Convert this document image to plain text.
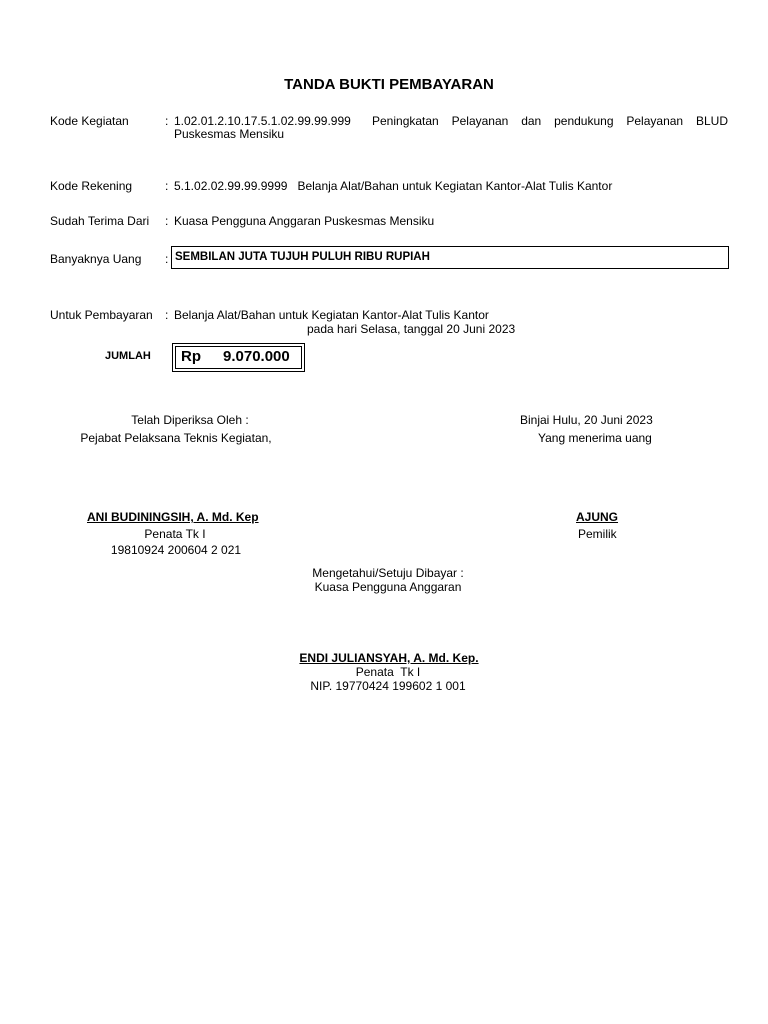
TANDA BUKTI PEMBAYARAN
Kode Kegiatan	: 1.02.01.2.10.17.5.1.02.99.99.999 Peningkatan Pelayanan dan pendukung Pelayanan BLUD
Puskesmas Mensiku
Kode Rekening	: 5.1.02.02.99.99.9999   Belanja Alat/Bahan untuk Kegiatan Kantor-Alat Tulis Kantor
Sudah Terima Dari : Kuasa Pengguna Anggaran Puskesmas Mensiku
Banyaknya Uang : SEMBILAN JUTA TUJUH PULUH RIBU RUPIAH
Untuk Pembayaran : Belanja Alat/Bahan untuk Kegiatan Kantor-Alat Tulis Kantor
pada hari Selasa, tanggal 20 Juni 2023
JUMLAH Rp 9.070.000
Telah Diperiksa Oleh :
Pejabat Pelaksana Teknis Kegiatan,
ANI BUDININGSIH, A. Md. Kep
Penata Tk I
19810924 200604 2 021
Binjai Hulu, 20 Juni 2023
Yang menerima uang
AJUNG
Pemilik
Mengetahui/Setuju Dibayar :
Kuasa Pengguna Anggaran
ENDI JULIANSYAH, A. Md. Kep.
Penata  Tk I
NIP. 19770424 199602 1 001
